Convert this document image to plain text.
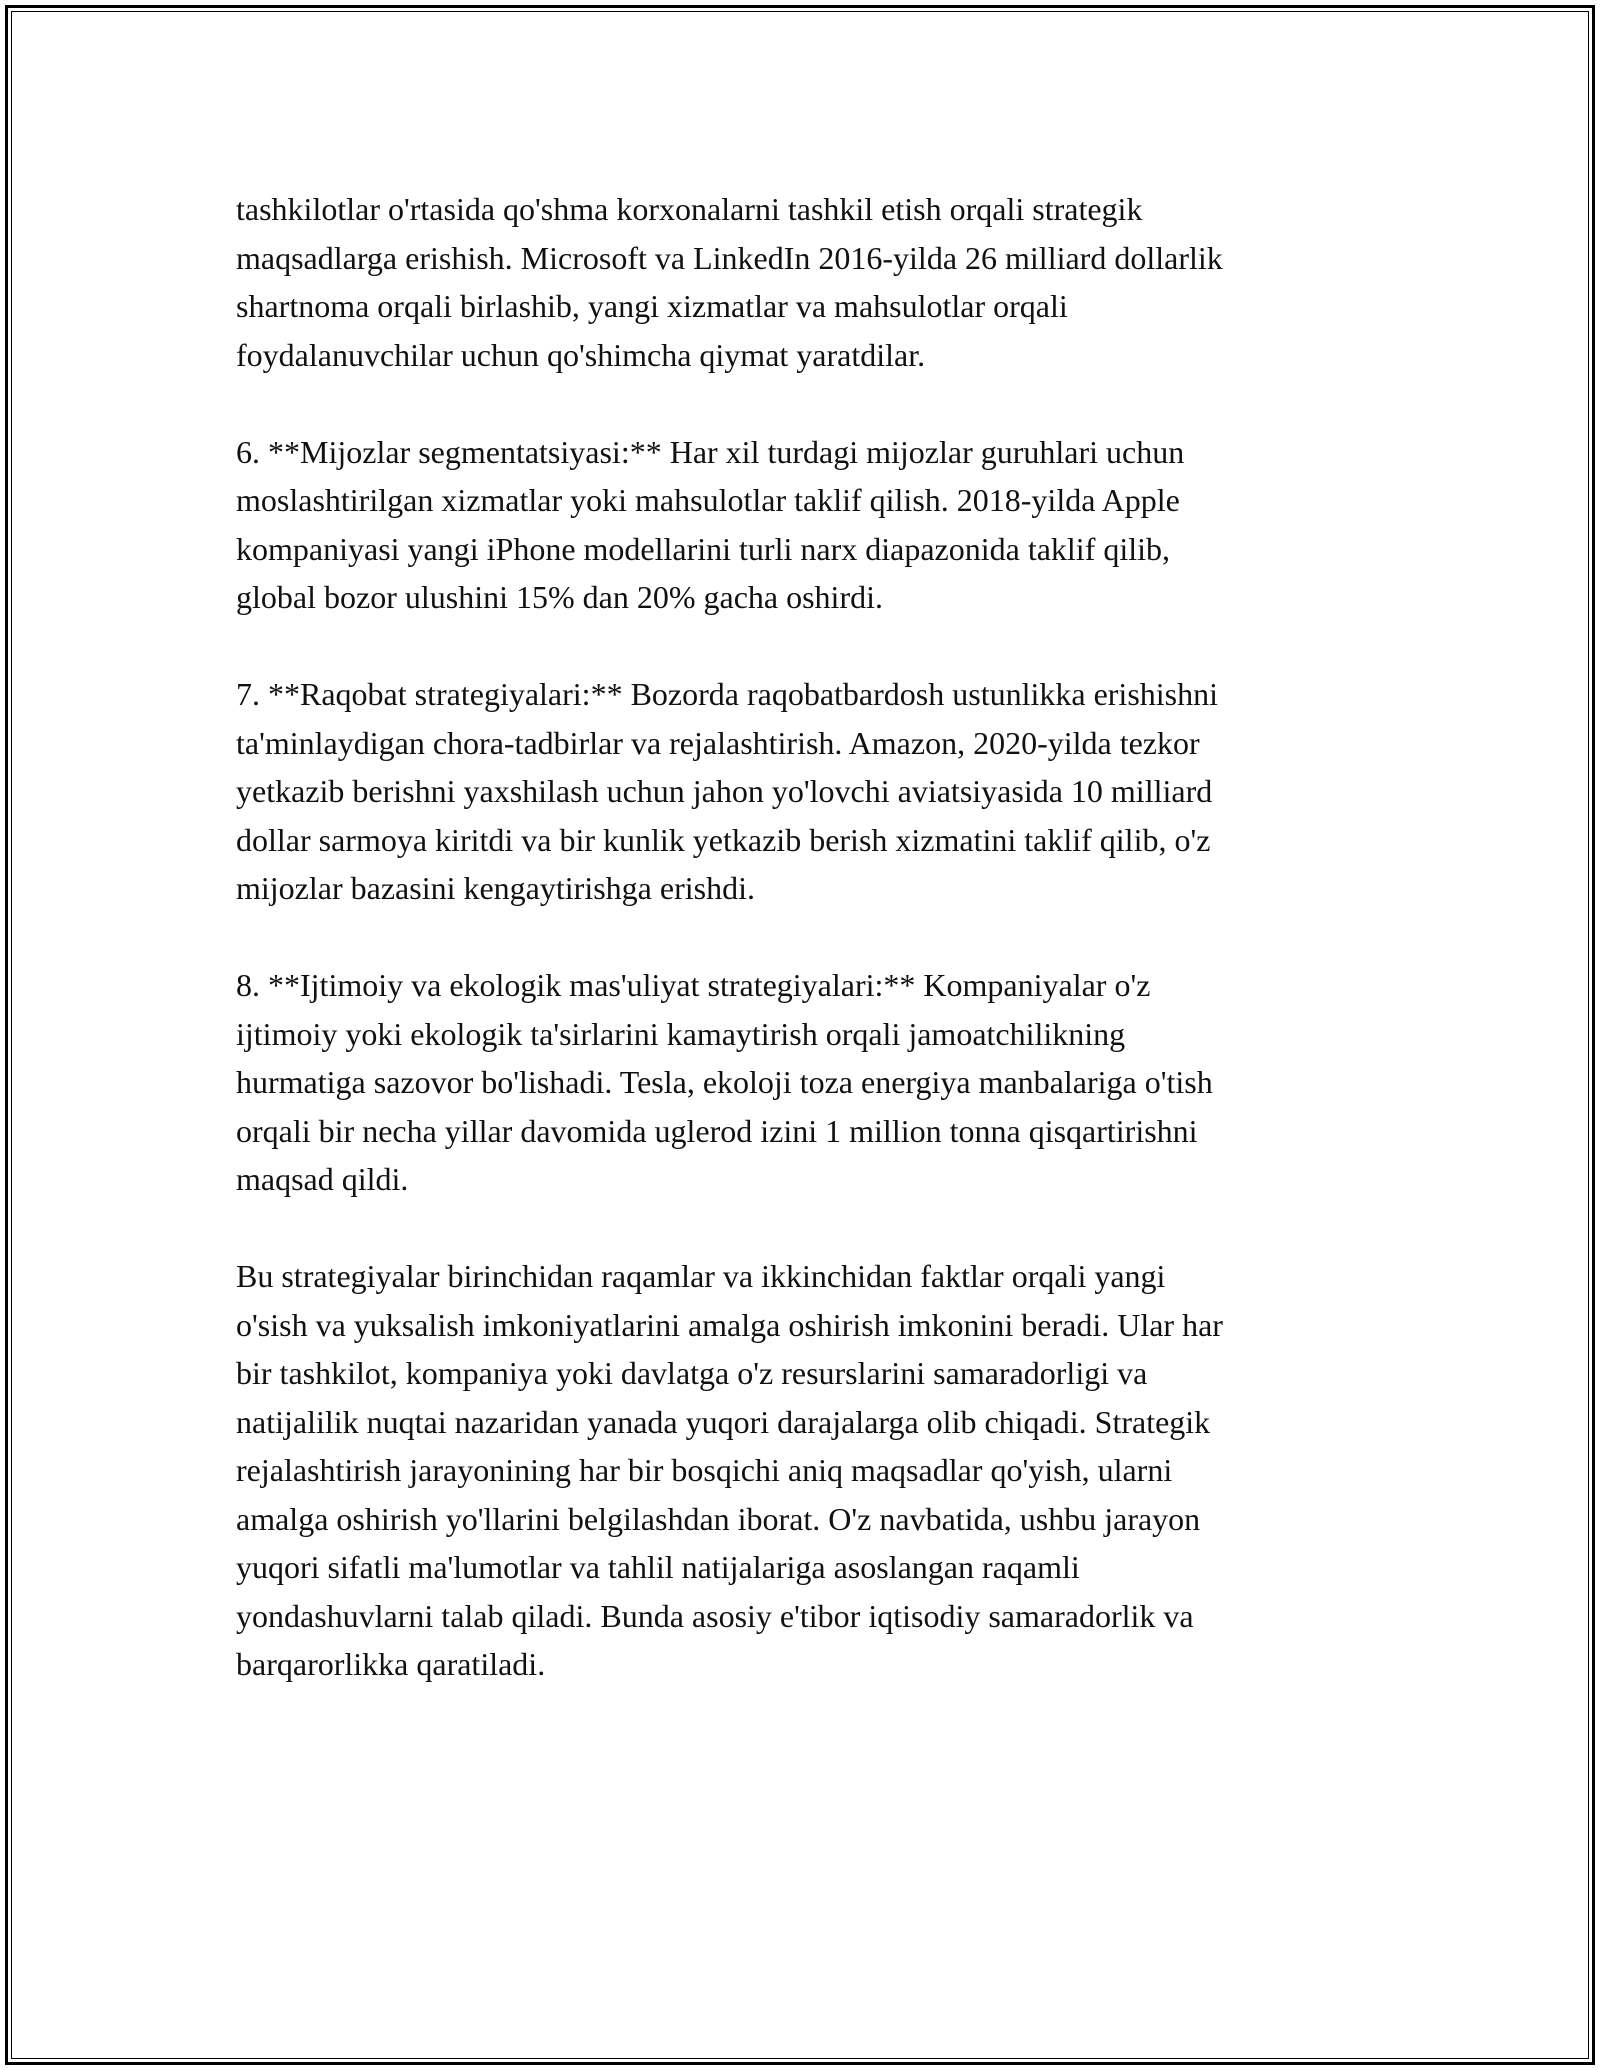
tashkilotlar o'rtasida qo'shma korxonalarni tashkil etish orqali strategik
maqsadlarga erishish. Microsoft va LinkedIn 2016-yilda 26 milliard dollarlik
shartnoma orqali birlashib, yangi xizmatlar va mahsulotlar orqali
foydalanuvchilar uchun qo'shimcha qiymat yaratdilar.

6. **Mijozlar segmentatsiyasi:** Har xil turdagi mijozlar guruhlari uchun
moslashtirilgan xizmatlar yoki mahsulotlar taklif qilish. 2018-yilda Apple
kompaniyasi yangi iPhone modellarini turli narx diapazonida taklif qilib,
global bozor ulushini 15% dan 20% gacha oshirdi.

7. **Raqobat strategiyalari:** Bozorda raqobatbardosh ustunlikka erishishni
ta'minlaydigan chora-tadbirlar va rejalashtirish. Amazon, 2020-yilda tezkor
yetkazib berishni yaxshilash uchun jahon yo'lovchi aviatsiyasida 10 milliard
dollar sarmoya kiritdi va bir kunlik yetkazib berish xizmatini taklif qilib, o'z
mijozlar bazasini kengaytirishga erishdi.

8. **Ijtimoiy va ekologik mas'uliyat strategiyalari:** Kompaniyalar o'z
ijtimoiy yoki ekologik ta'sirlarini kamaytirish orqali jamoatchilikning
hurmatiga sazovor bo'lishadi. Tesla, ekoloji toza energiya manbalariga o'tish
orqali bir necha yillar davomida uglerod izini 1 million tonna qisqartirishni
maqsad qildi.

Bu strategiyalar birinchidan raqamlar va ikkinchidan faktlar orqali yangi
o'sish va yuksalish imkoniyatlarini amalga oshirish imkonini beradi. Ular har
bir tashkilot, kompaniya yoki davlatga o'z resurslarini samaradorligi va
natijalilik nuqtai nazaridan yanada yuqori darajalarga olib chiqadi. Strategik
rejalashtirish jarayonining har bir bosqichi aniq maqsadlar qo'yish, ularni
amalga oshirish yo'llarini belgilashdan iborat. O'z navbatida, ushbu jarayon
yuqori sifatli ma'lumotlar va tahlil natijalariga asoslangan raqamli
yondashuvlarni talab qiladi. Bunda asosiy e'tibor iqtisodiy samaradorlik va
barqarorlikka qaratiladi.
